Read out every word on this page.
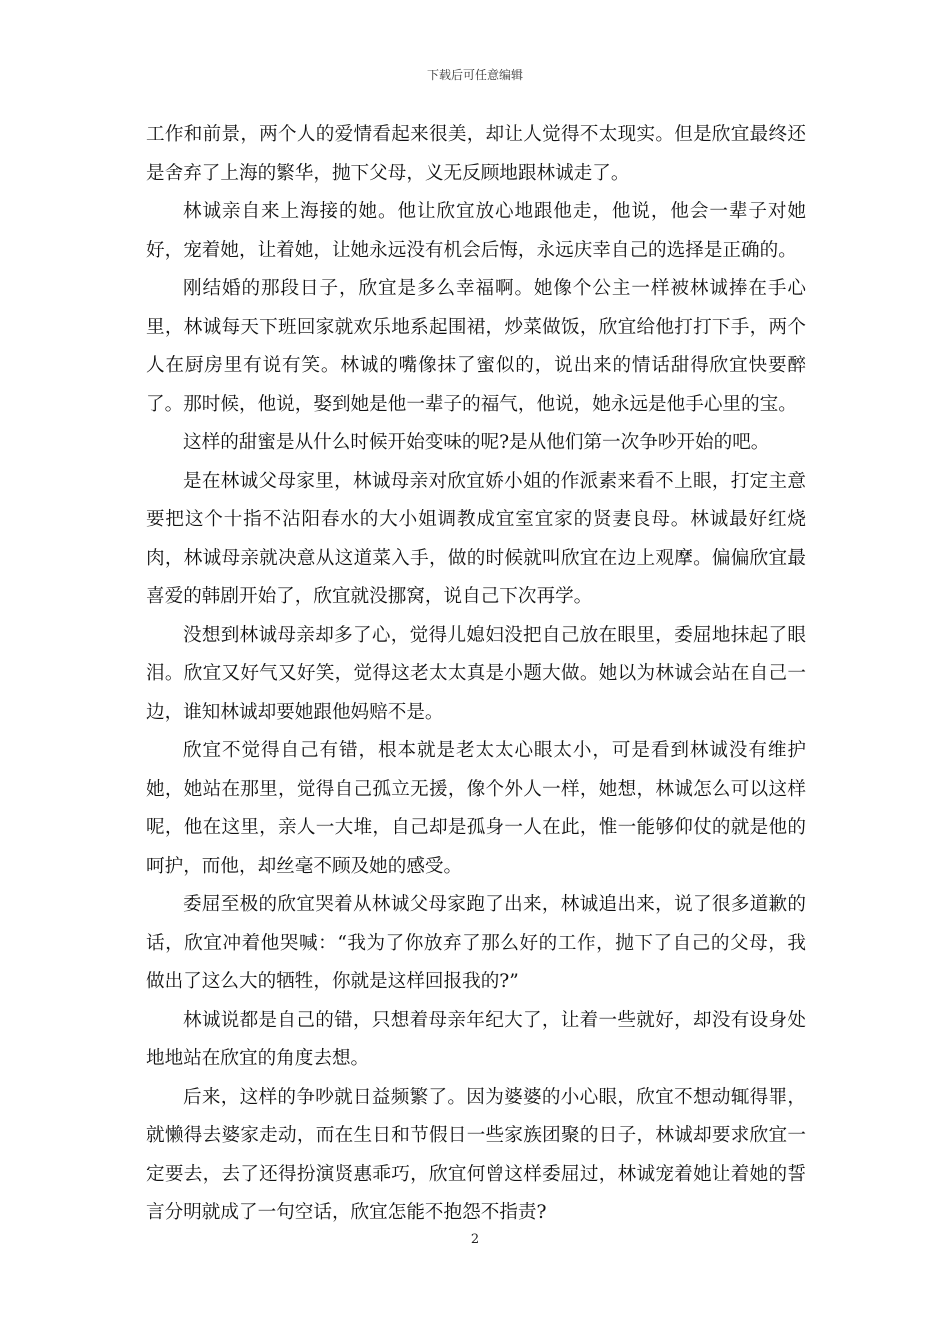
下载后可任意编辑

工作和前景，两个人的爱情看起来很美，却让人觉得不太现实。但是欣宜最终还是舍弃了上海的繁华，抛下父母，义无反顾地跟林诚走了。

林诚亲自来上海接的她。他让欣宜放心地跟他走，他说，他会一辈子对她好，宠着她，让着她，让她永远没有机会后悔，永远庆幸自己的选择是正确的。

刚结婚的那段日子，欣宜是多么幸福啊。她像个公主一样被林诚捧在手心里，林诚每天下班回家就欢乐地系起围裙，炒菜做饭，欣宜给他打打下手，两个人在厨房里有说有笑。林诚的嘴像抹了蜜似的，说出来的情话甜得欣宜快要醉了。那时候，他说，娶到她是他一辈子的福气，他说，她永远是他手心里的宝。

这样的甜蜜是从什么时候开始变味的呢?是从他们第一次争吵开始的吧。

是在林诚父母家里，林诚母亲对欣宜娇小姐的作派素来看不上眼，打定主意要把这个十指不沾阳春水的大小姐调教成宜室宜家的贤妻良母。林诚最好红烧肉，林诚母亲就决意从这道菜入手，做的时候就叫欣宜在边上观摩。偏偏欣宜最喜爱的韩剧开始了，欣宜就没挪窝，说自己下次再学。

没想到林诚母亲却多了心，觉得儿媳妇没把自己放在眼里，委屈地抹起了眼泪。欣宜又好气又好笑，觉得这老太太真是小题大做。她以为林诚会站在自己一边，谁知林诚却要她跟他妈赔不是。

欣宜不觉得自己有错，根本就是老太太心眼太小，可是看到林诚没有维护她，她站在那里，觉得自己孤立无援，像个外人一样，她想，林诚怎么可以这样呢，他在这里，亲人一大堆，自己却是孤身一人在此，惟一能够仰仗的就是他的呵护，而他，却丝毫不顾及她的感受。

委屈至极的欣宜哭着从林诚父母家跑了出来，林诚追出来，说了很多道歉的话，欣宜冲着他哭喊：“我为了你放弃了那么好的工作，抛下了自己的父母，我做出了这么大的牺牲，你就是这样回报我的?”

林诚说都是自己的错，只想着母亲年纪大了，让着一些就好，却没有设身处地地站在欣宜的角度去想。

后来，这样的争吵就日益频繁了。因为婆婆的小心眼，欣宜不想动辄得罪，就懒得去婆家走动，而在生日和节假日一些家族团聚的日子，林诚却要求欣宜一定要去，去了还得扮演贤惠乖巧，欣宜何曾这样委屈过，林诚宠着她让着她的誓言分明就成了一句空话，欣宜怎能不抱怨不指责?

2
